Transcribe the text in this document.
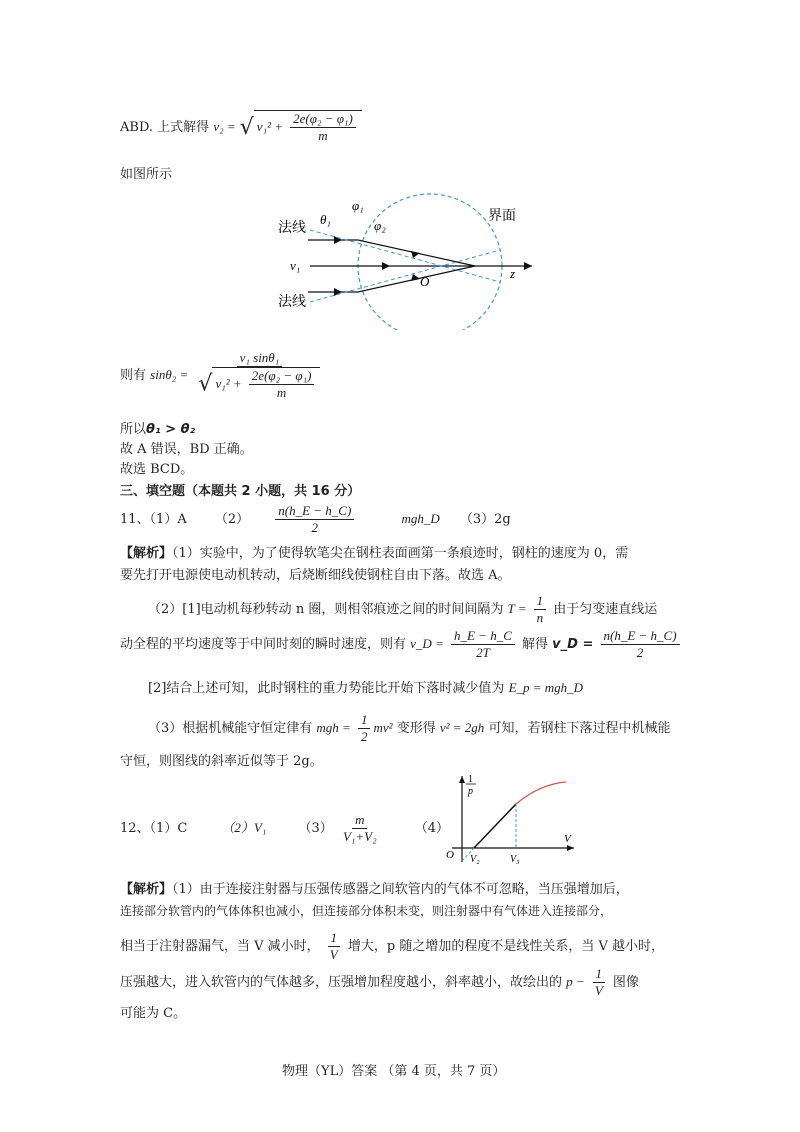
ABD. 上式解得 v₂ = √ $v_1^2 + \frac{\text{2e(φ₂ − φ₁)}}{m}$
如图所示
法线
法线
v₁
θ₁
φ₁
φ₂
界面
O
z
则有 $\sin\theta_2 = \frac{\text{v₁ sinθ₁}}{√ v_1^2 + \frac{\text{2e(φ₂ − φ₁)}}{m}}$
所以θ₁ > θ₂
故 A 错误，BD 正确。
故选 BCD。
三、填空题（本题共 2 小题，共 16 分）
11、（1）A $(2) \frac{n(h\_E - h\_C)}{2}$	mgh_D （3）2g
【解析】（1）实验中，为了使得软笔尖在钢柱表面画第一条痕迹时，钢柱的速度为 0，需
要先打开电源使电动机转动，后烧断细线使钢柱自由下落。故选 A。
（2）[1]电动机每秒转动 n 圈，则相邻痕迹之间的时间间隔为 $T = \frac{1}{n}$ 由于匀变速直线运
动全程的平均速度等于中间时刻的瞬时速度，则有 v_D = $\frac{h\_E - h\_C}{2T}$ 解得 v_D = $\frac{n(h\_E - h\_C)}{2}$
[2]结合上述可知，此时钢柱的重力势能比开始下落时减少值为 E_p = mgh_D
（3）根据机械能守恒定律有 mgh = $\frac{1}{2} mv^2$ 变形得 v² = 2gh 可知，若钢柱下落过程中机械能
守恒，则图线的斜率近似等于 2g。
12、（1）C	（2）V₁ $(3) \frac{m}{\text{V₁+V₂}}$	（4）
1
p
V
O V₂	V₃
【解析】（1）由于连接注射器与压强传感器之间软管内的气体不可忽略，当压强增加后，
连接部分软管内的气体体积也减小，但连接部分体积未变，则注射器中有气体进入连接部分，
相当于注射器漏气，当 V 减小时， $\frac{1}{V}$ 增大，p 随之增加的程度不是线性关系，当 V 越小时，
压强越大，进入软管内的气体越多，压强增加程度越小，斜率越小，故绘出的 $p - \frac{1}{V}$ 图像
可能为 C。
物理（YL）答案 （第 4 页，共 7 页）
